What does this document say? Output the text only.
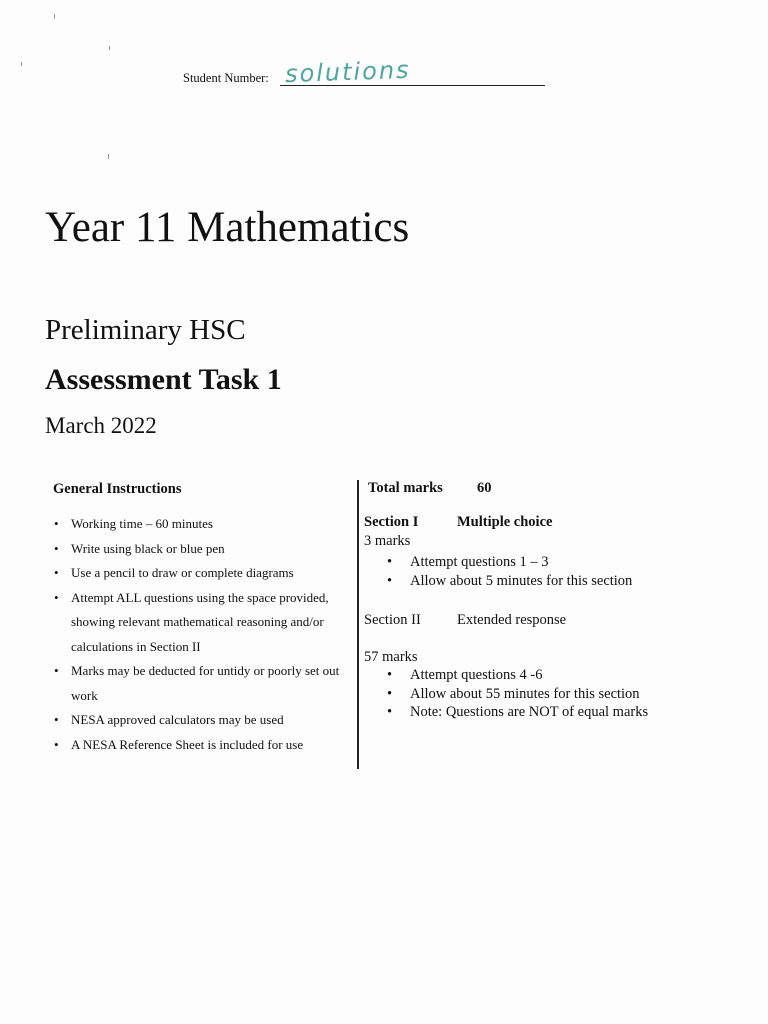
Student Number: solutions
Year 11 Mathematics
Preliminary HSC
Assessment Task 1
March 2022
General Instructions
• Working time – 60 minutes
• Write using black or blue pen
• Use a pencil to draw or complete diagrams
• Attempt ALL questions using the space provided, showing relevant mathematical reasoning and/or calculations in Section II
• Marks may be deducted for untidy or poorly set out work
• NESA approved calculators may be used
• A NESA Reference Sheet is included for use
Total marks 60
Section I	Multiple choice
3 marks
• Attempt questions 1 – 3
• Allow about 5 minutes for this section
Section II Extended response
57 marks
• Attempt questions 4 -6
• Allow about 55 minutes for this section
• Note: Questions are NOT of equal marks
